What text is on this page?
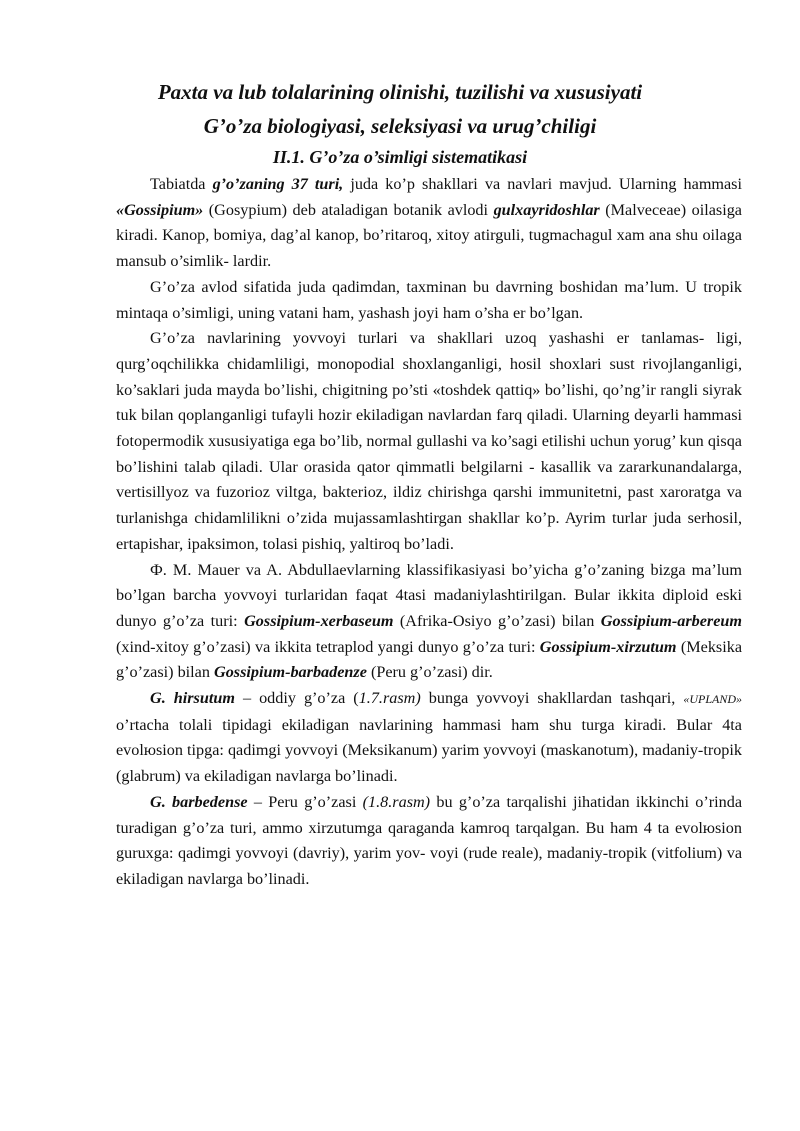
Paxta va lub tolalarining olinishi, tuzilishi va xususiyati
G’o’za biologiyasi, seleksiyasi va urug’chiligi
II.1. G’o’za o’simligi sistematikasi

Tabiatda g’o’zaning 37 turi, juda ko’p shakllari va navlari mavjud. Ularning hammasi «Gossipium» (Gosypium) deb ataladigan botanik avlodi gulxayridoshlar (Malveceae) oilasiga kiradi. Kanop, bomiya, dag’al kanop, bo’ritaroq, xitoy atirguli, tugmachagul xam ana shu oilaga mansub o’simlik- lardir.

G’o’za avlod sifatida juda qadimdan, taxminan bu davrning boshidan ma’lum. U tropik mintaqa o’simligi, uning vatani ham, yashash joyi ham o’sha er bo’lgan.

G’o’za navlarining yovvoyi turlari va shakllari uzoq yashashi er tanlamas- ligi, qurg’oqchilikka chidamliligi, monopodial shoxlanganligi, hosil shoxlari sust rivojlanganligi, ko’saklari juda mayda bo’lishi, chigitning po’sti «toshdek qattiq» bo’lishi, qo’ng’ir rangli siyrak tuk bilan qoplanganligi tufayli hozir ekiladigan navlardan farq qiladi. Ularning deyarli hammasi fotopermodik xususiyatiga ega bo’lib, normal gullashi va ko’sagi etilishi uchun yorug’ kun qisqa bo’lishini talab qiladi. Ular orasida qator qimmatli belgilarni - kasallik va zararkunandalarga, vertisillyoz va fuzorioz viltga, bakterioz, ildiz chirishga qarshi immunitetni, past xaroratga va turlanishga chidamlilikni o’zida mujassamlashtirgan shakllar ko’p. Ayrim turlar juda serhosil, ertapishar, ipaksimon, tolasi pishiq, yaltiroq bo’ladi.

Ф. M. Mauer va A. Abdullaevlarning klassifikasiyasi bo’yicha g’o’zaning bizga ma’lum bo’lgan barcha yovvoyi turlaridan faqat 4tasi madaniylashtirilgan. Bular ikkita diploid eski dunyo g’o’za turi: Gossipium-xerbaseum (Afrika-Osiyo g’o’zasi) bilan Gossipium-arbereum (xind-xitoy g’o’zasi) va ikkita tetraplod yangi dunyo g’o’za turi: Gossipium-xirzutum (Meksika g’o’zasi) bilan Gossipium-barbadenze (Peru g’o’zasi) dir.

G. hirsutum – oddiy g’o’za (1.7.rasm) bunga yovvoyi shakllardan tashqari, «UPLAND» o’rtacha tolali tipidagi ekiladigan navlarining hammasi ham shu turga kiradi. Bular 4ta evolюsion tipga: qadimgi yovvoyi (Meksikanum) yarim yovvoyi (maskanotum), madaniy-tropik (glabrum) va ekiladigan navlarga bo’linadi.

G. barbedense – Peru g’o’zasi (1.8.rasm) bu g’o’za tarqalishi jihatidan ikkinchi o’rinda turadigan g’o’za turi, ammo xirzutumga qaraganda kamroq tarqalgan. Bu ham 4 ta evolюsion guruxga: qadimgi yovvoyi (davriy), yarim yov- voyi (rude reale), madaniy-tropik (vitfolium) va ekiladigan navlarga bo’linadi.
